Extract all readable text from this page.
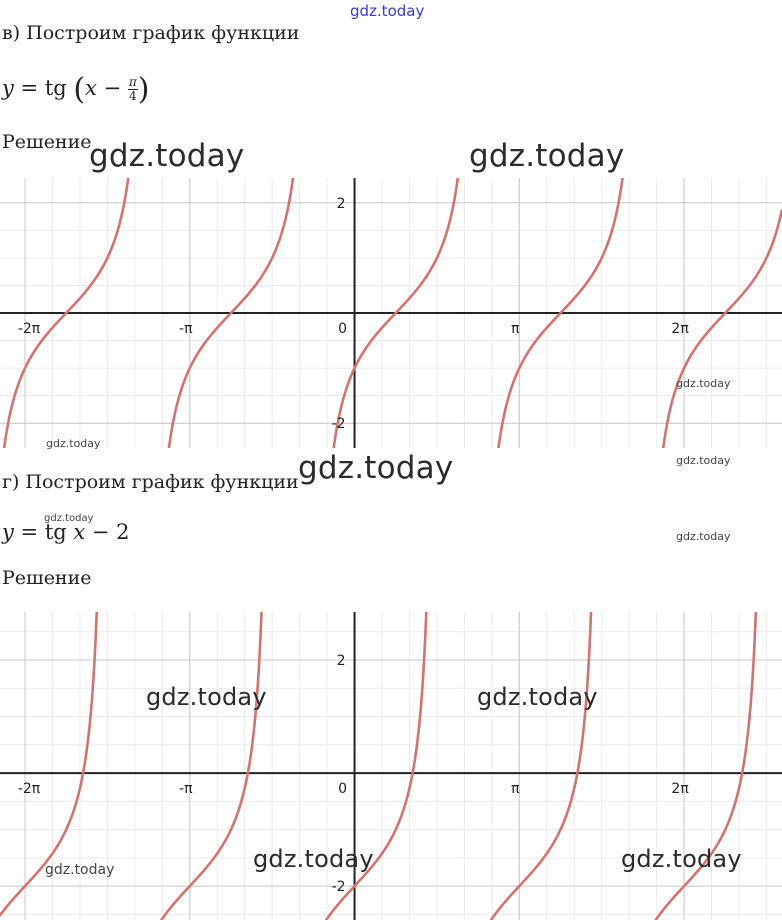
gdz.today
в) Построим график функции
y = tg ($x - \frac{\pi}{4}$ )
Решение
-2π	-π	0	π	2π
2
-2
г) Построим график функции
y = tg x − 2
Решение
-2π	-π	0	π	2π
2
-2
gdz.today	gdz.today
gdz.today
gdz.today
gdz.today
gdz.today
gdz.today
gdz.today
gdz.today	gdz.today
gdz.today	gdz.today
gdz.today
